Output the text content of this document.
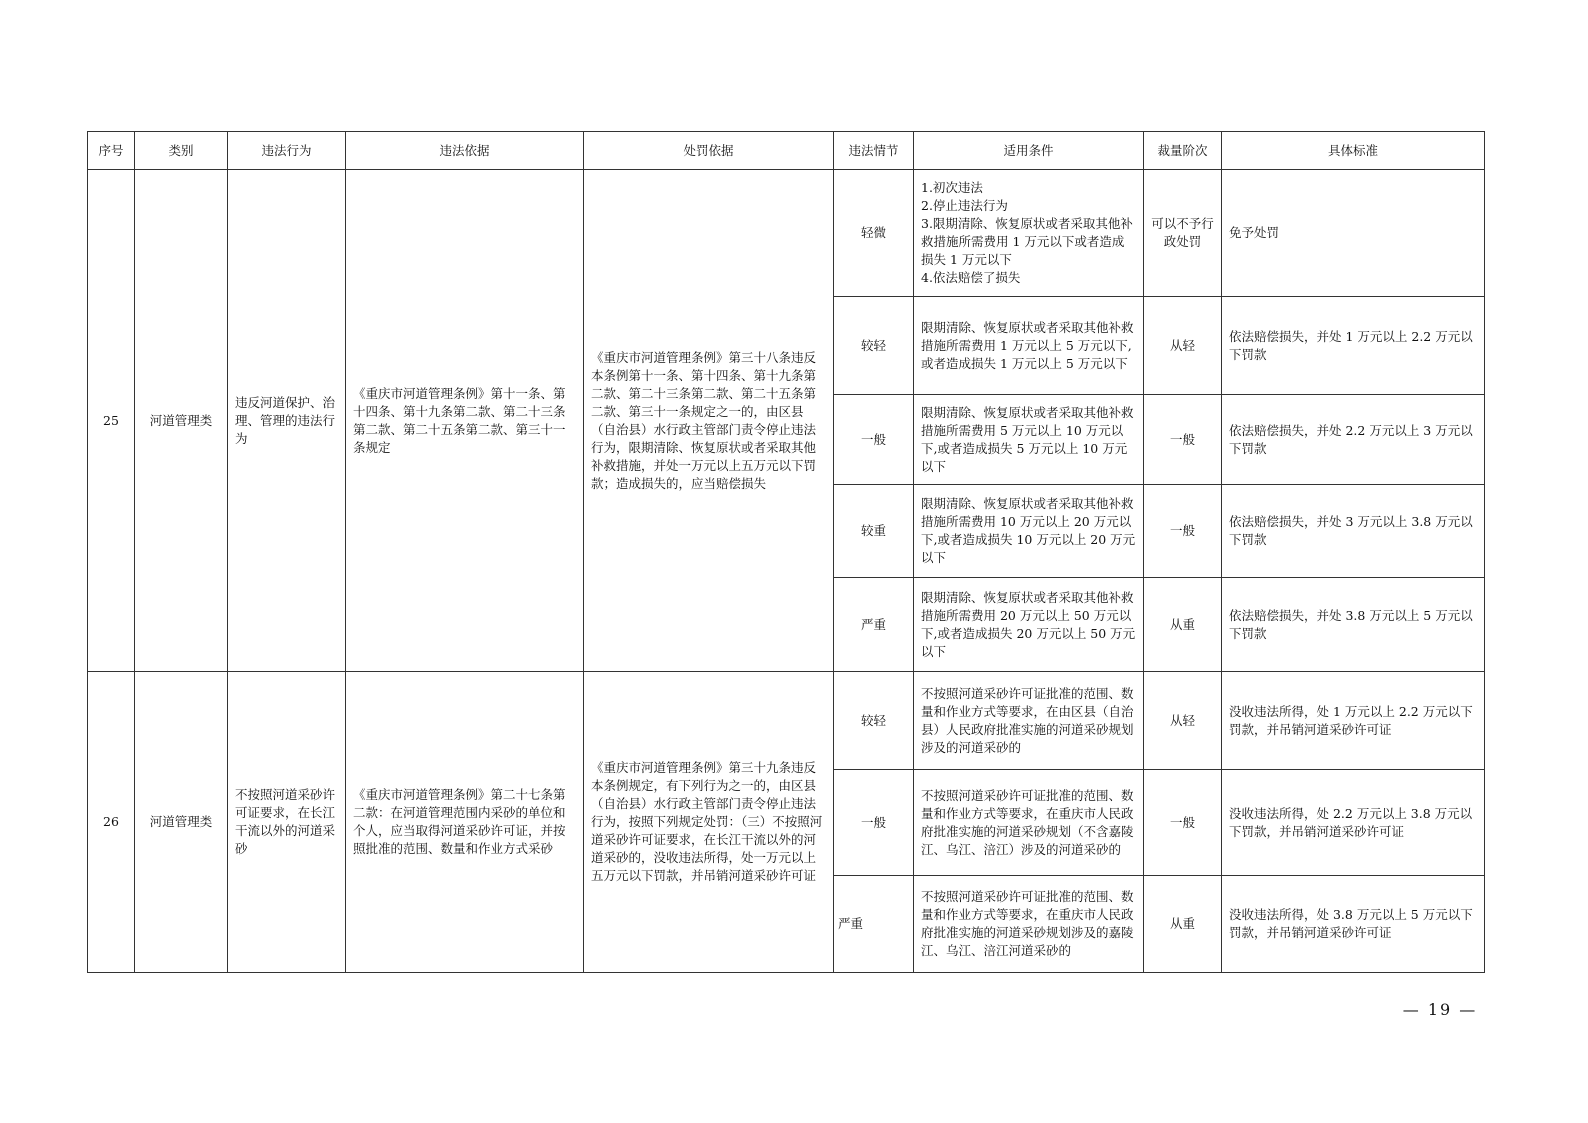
序号	类别	违法行为	违法依据	处罚依据	违法情节	适用条件	裁量阶次	具体标准
25	河道管理类	违反河道保护、治理、管理的违法行为	《重庆市河道管理条例》第十一条、第十四条、第十九条第二款、第二十三条第二款、第二十五条第二款、第三十一条规定	《重庆市河道管理条例》第三十八条违反本条例第十一条、第十四条、第十九条第二款、第二十三条第二款、第二十五条第二款、第三十一条规定之一的，由区县（自治县）水行政主管部门责令停止违法行为，限期清除、恢复原状或者采取其他补救措施，并处一万元以上五万元以下罚款；造成损失的，应当赔偿损失	轻微	1.初次违法
2.停止违法行为
3.限期清除、恢复原状或者采取其他补救措施所需费用 1 万元以下或者造成损失 1 万元以下
4.依法赔偿了损失	可以不予行政处罚	免予处罚
					较轻	限期清除、恢复原状或者采取其他补救措施所需费用 1 万元以上 5 万元以下,或者造成损失 1 万元以上 5 万元以下	从轻	依法赔偿损失，并处 1 万元以上 2.2 万元以下罚款
					一般	限期清除、恢复原状或者采取其他补救措施所需费用 5 万元以上 10 万元以下,或者造成损失 5 万元以上 10 万元以下	一般	依法赔偿损失，并处 2.2 万元以上 3 万元以下罚款
					较重	限期清除、恢复原状或者采取其他补救措施所需费用 10 万元以上 20 万元以下,或者造成损失 10 万元以上 20 万元以下	一般	依法赔偿损失，并处 3 万元以上 3.8 万元以下罚款
					严重	限期清除、恢复原状或者采取其他补救措施所需费用 20 万元以上 50 万元以下,或者造成损失 20 万元以上 50 万元以下	从重	依法赔偿损失，并处 3.8 万元以上 5 万元以下罚款
26	河道管理类	不按照河道采砂许可证要求，在长江干流以外的河道采砂	《重庆市河道管理条例》第二十七条第二款：在河道管理范围内采砂的单位和个人，应当取得河道采砂许可证，并按照批准的范围、数量和作业方式采砂	《重庆市河道管理条例》第三十九条违反本条例规定，有下列行为之一的，由区县（自治县）水行政主管部门责令停止违法行为，按照下列规定处罚：（三）不按照河道采砂许可证要求，在长江干流以外的河道采砂的，没收违法所得，处一万元以上五万元以下罚款，并吊销河道采砂许可证	较轻	不按照河道采砂许可证批准的范围、数量和作业方式等要求，在由区县（自治县）人民政府批准实施的河道采砂规划涉及的河道采砂的	从轻	没收违法所得，处 1 万元以上 2.2 万元以下罚款，并吊销河道采砂许可证
					一般	不按照河道采砂许可证批准的范围、数量和作业方式等要求，在重庆市人民政府批准实施的河道采砂规划（不含嘉陵江、乌江、涪江）涉及的河道采砂的	一般	没收违法所得，处 2.2 万元以上 3.8 万元以下罚款，并吊销河道采砂许可证
					严重	不按照河道采砂许可证批准的范围、数量和作业方式等要求，在重庆市人民政府批准实施的河道采砂规划涉及的嘉陵江、乌江、涪江河道采砂的	从重	没收违法所得，处 3.8 万元以上 5 万元以下罚款，并吊销河道采砂许可证
— 19 —
